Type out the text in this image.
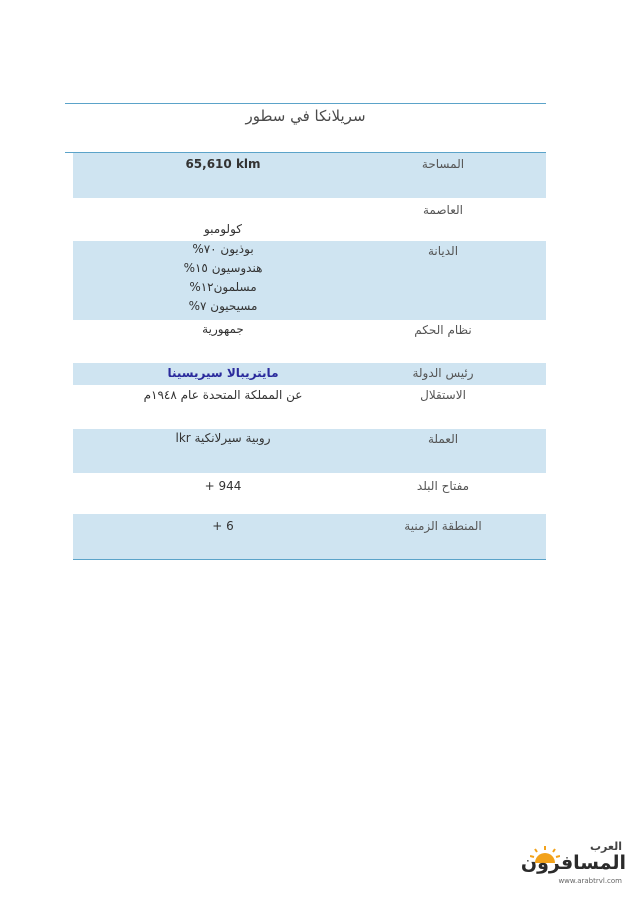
سريلانكا في سطور
المساحة
65,610 klm
العاصمة
كولومبو
الديانة
بوذيون ٧٠%
هندوسيون ١٥%
مسلمون١٢%
مسيحيون ٧%
نظام الحكم
جمهورية
رئيس الدولة
مايتريبالا سيريسينا
الاستقلال
عن المملكة المتحدة عام ١٩٤٨م
العملة
روبية سيرلانكية lkr
مفتاح البلد
944 +
المنطقة الزمنية
6 +
العرب
المسافرون
www.arabtrvl.com
